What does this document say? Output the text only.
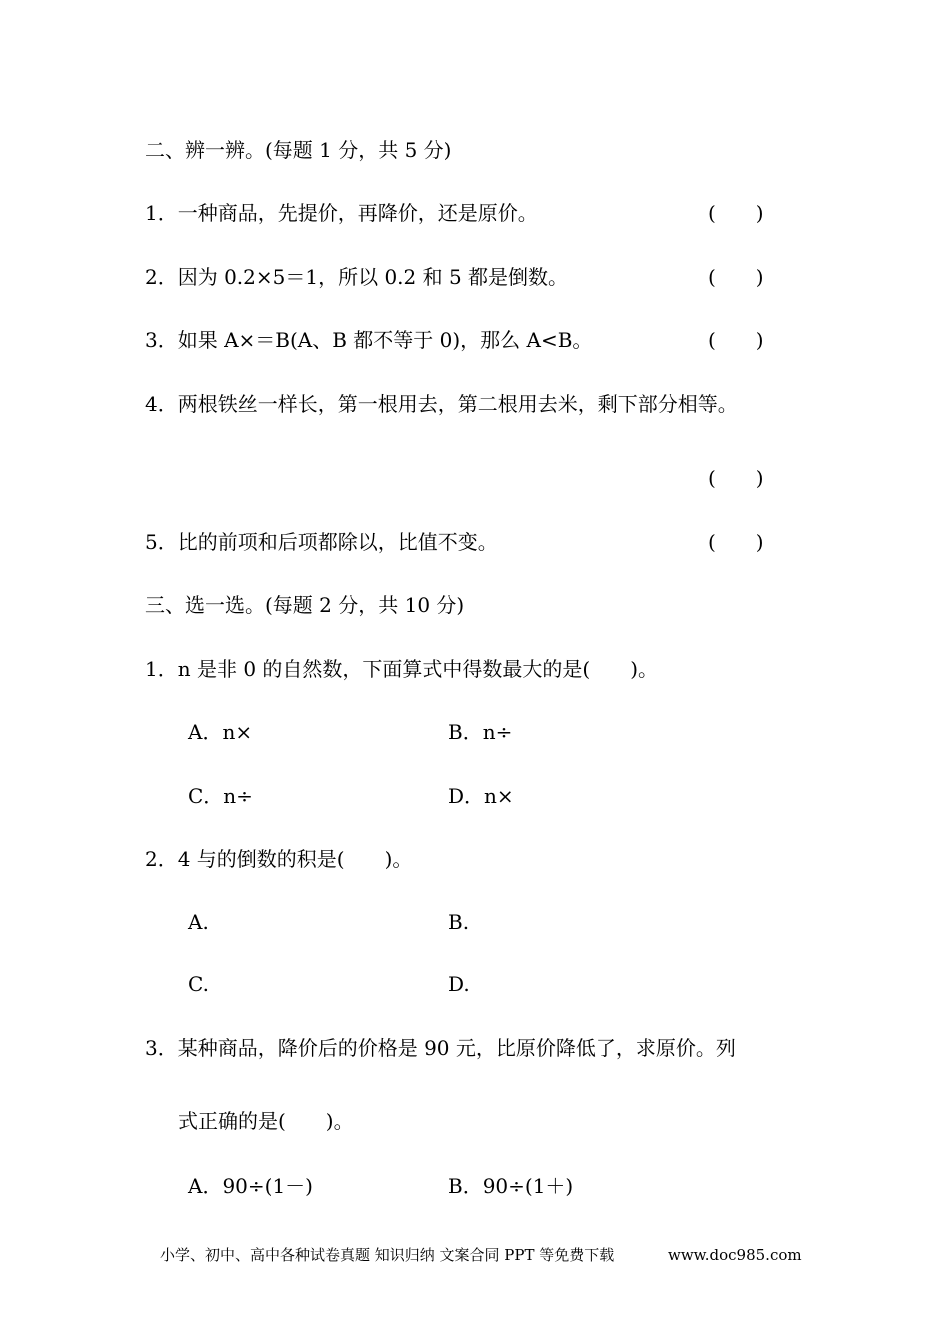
二、辨一辨。(每题 1 分，共 5 分)
1．一种商品，先提价，再降价，还是原价。	(　　)
2．因为 0.2×5＝1，所以 0.2 和 5 都是倒数。	(　　)
3．如果 A×＝B(A、B 都不等于 0)，那么 A<B。	(　　)
4．两根铁丝一样长，第一根用去，第二根用去米，剩下部分相等。
(　　)
5．比的前项和后项都除以，比值不变。	(　　)
三、选一选。(每题 2 分，共 10 分)
1．n 是非 0 的自然数，下面算式中得数最大的是(　　)。
A．n×	B．n÷
C．n÷	D．n×
2．4 与的倒数的积是(　　)。
A.	B.
C.	D.
3．某种商品，降价后的价格是 90 元，比原价降低了，求原价。列
式正确的是(　　)。
A．90÷(1－)	B．90÷(1＋)
小学、初中、高中各种试卷真题 知识归纳 文案合同 PPT 等免费下载	www.doc985.com
